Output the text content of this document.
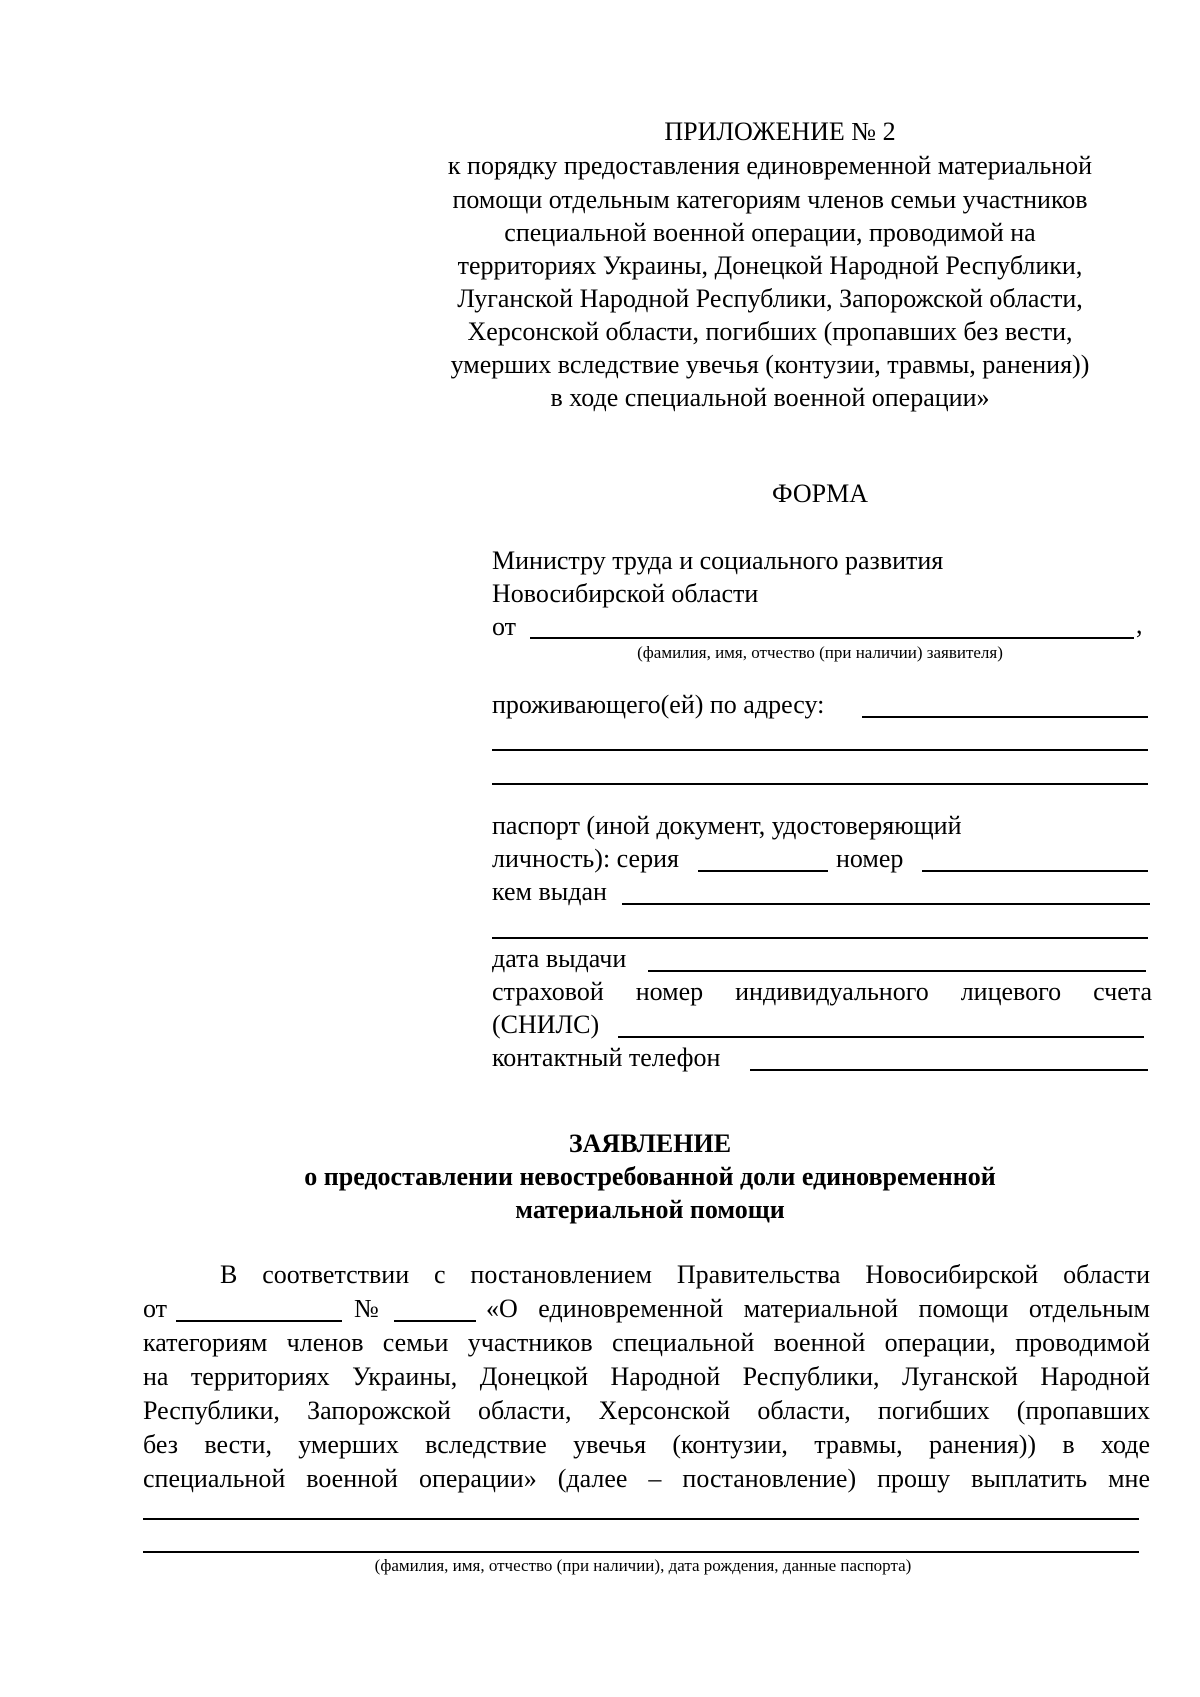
ПРИЛОЖЕНИЕ № 2
к порядку предоставления единовременной материальной
помощи отдельным категориям членов семьи участников
специальной военной операции, проводимой на
территориях Украины, Донецкой Народной Республики,
Луганской Народной Республики, Запорожской области,
Херсонской области, погибших (пропавших без вести,
умерших вследствие увечья (контузии, травмы, ранения))
в ходе специальной военной операции»
ФОРМА
Министру труда и социального развития
Новосибирской области
от	,
(фамилия, имя, отчество (при наличии) заявителя)
проживающего(ей) по адресу:
паспорт (иной документ, удостоверяющий
личность): серия	номер
кем выдан
дата выдачи
страховой номер индивидуального лицевого счета
(СНИЛС)
контактный телефон
ЗАЯВЛЕНИЕ
о предоставлении невостребованной доли единовременной
материальной помощи
В соответствии с постановлением Правительства Новосибирской области
от	№	«О единовременной материальной помощи отдельным
категориям членов семьи участников специальной военной операции, проводимой
на территориях Украины, Донецкой Народной Республики, Луганской Народной
Республики, Запорожской области, Херсонской области, погибших (пропавших
без вести, умерших вследствие увечья (контузии, травмы, ранения)) в ходе
специальной военной операции» (далее – постановление) прошу выплатить мне
(фамилия, имя, отчество (при наличии), дата рождения, данные паспорта)
